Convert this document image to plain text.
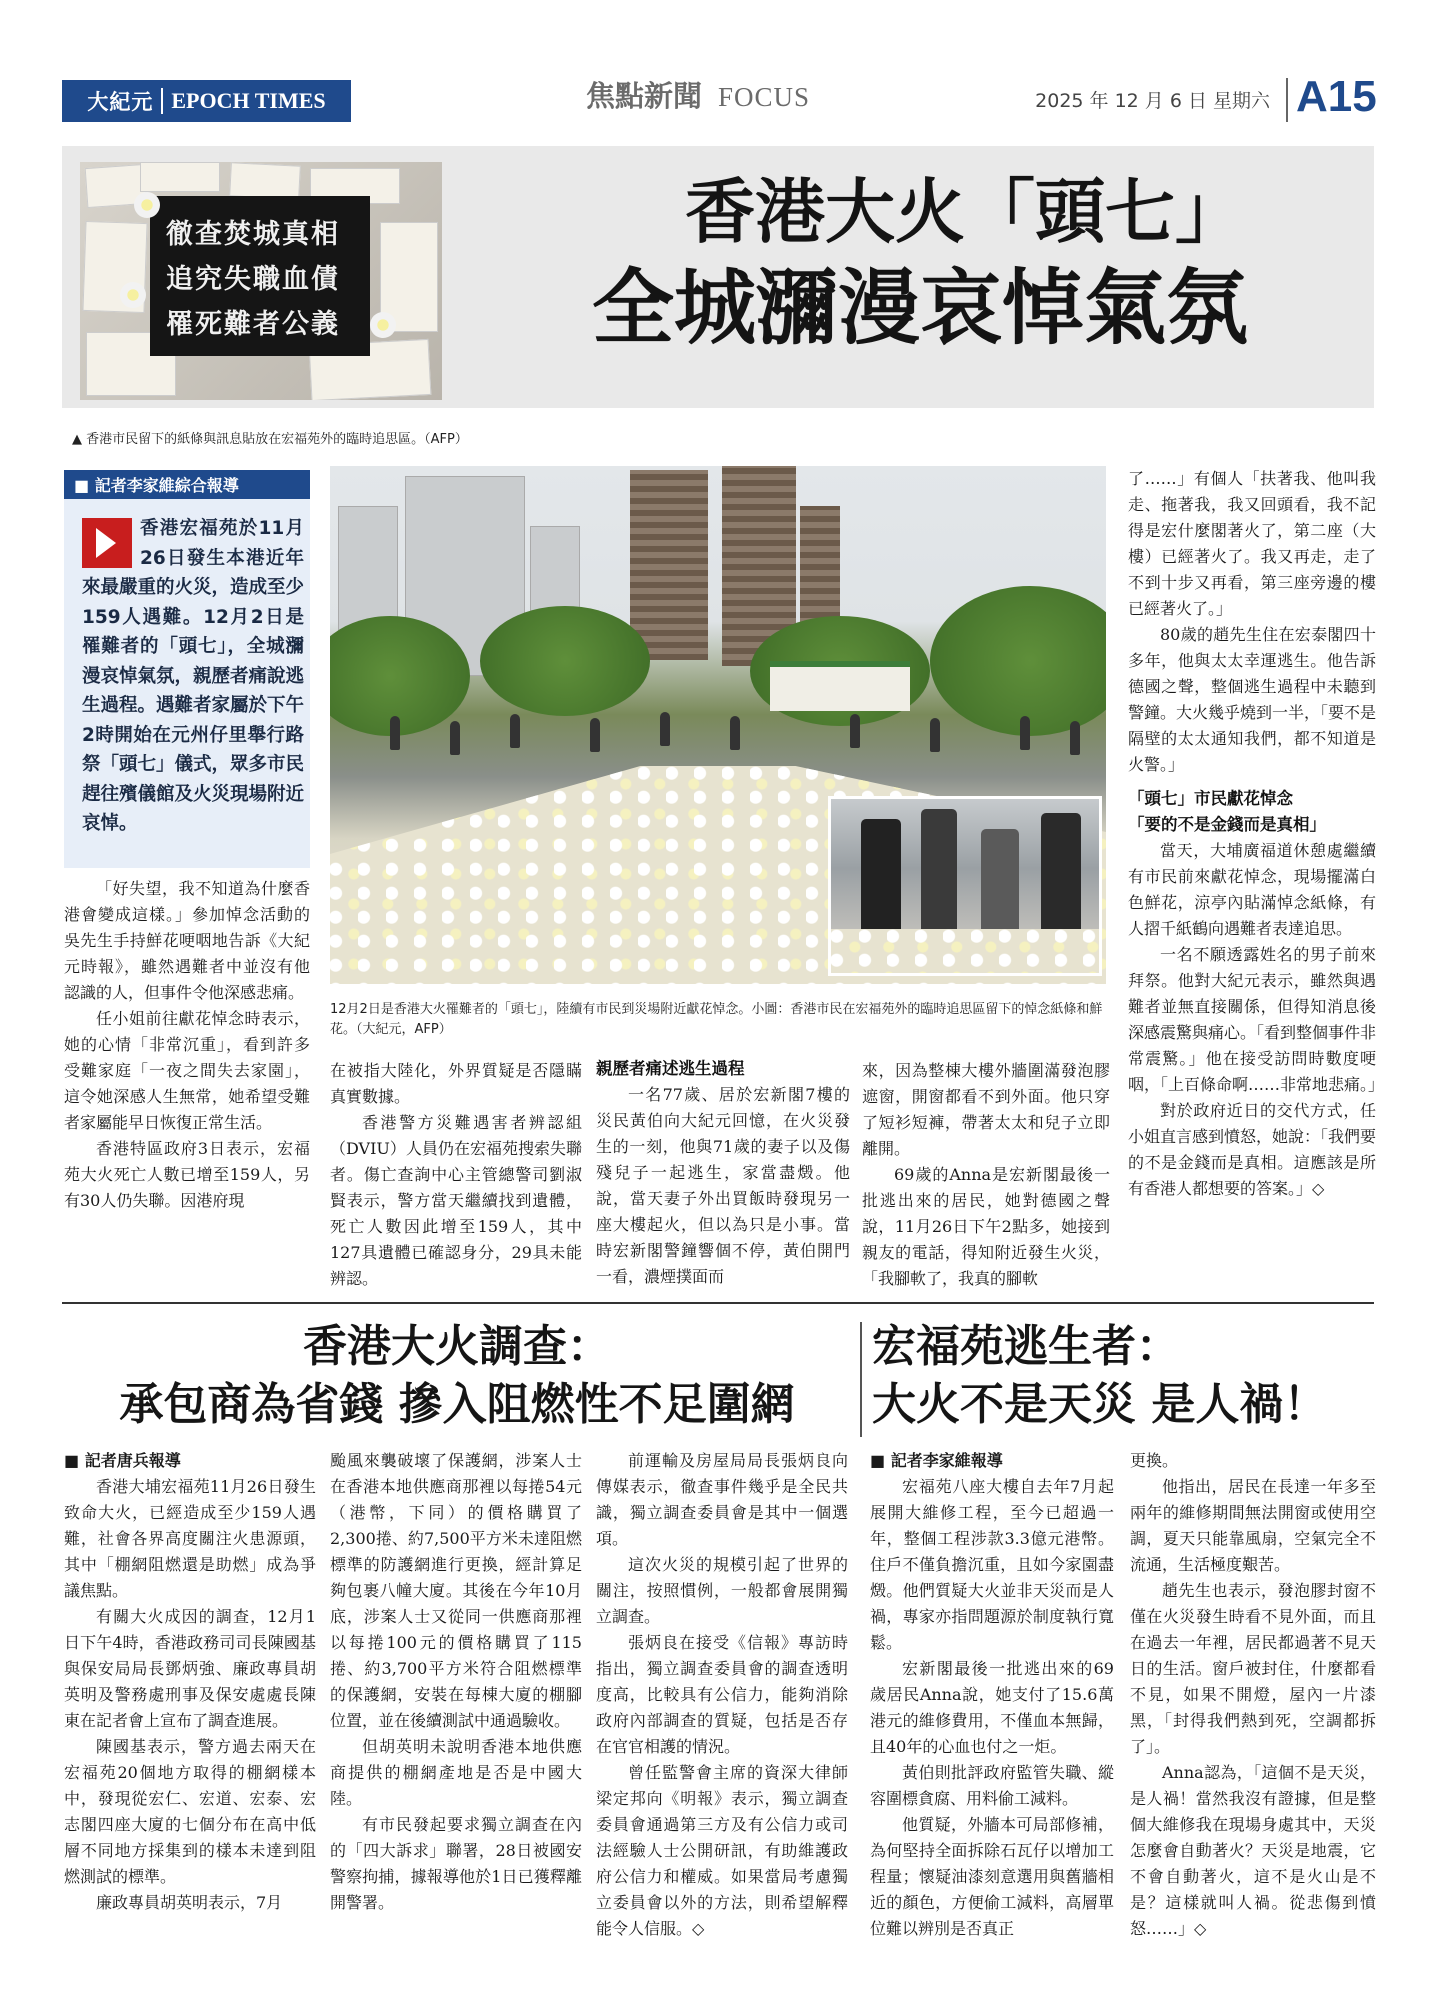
大紀元 EPOCH TIMES	焦點新聞 FOCUS	2025 年 12 月 6 日 星期六 A15
徹查焚城真相
追究失職血債
罹死難者公義
香港大火「頭七」
全城瀰漫哀悼氣氛
▲ 香港市民留下的紙條與訊息貼放在宏福苑外的臨時追思區。（AFP）
■ 記者李家維綜合報導
香港宏福苑於11月26日發生本港近年來最嚴重的火災，造成至少159人遇難。12月2日是罹難者的「頭七」，全城瀰漫哀悼氣氛，親歷者痛說逃生過程。遇難者家屬於下午2時開始在元州仔里舉行路祭「頭七」儀式，眾多市民趕往殯儀館及火災現場附近哀悼。
12月2日是香港大火罹難者的「頭七」，陸續有市民到災場附近獻花悼念。小圖：香港市民在宏福苑外的臨時追思區留下的悼念紙條和鮮花。（大紀元，AFP）

「好失望，我不知道為什麼香港會變成這樣。」參加悼念活動的吳先生手持鮮花哽咽地告訴《大紀元時報》，雖然遇難者中並沒有他認識的人，但事件令他深感悲痛。

任小姐前往獻花悼念時表示，她的心情「非常沉重」，看到許多受難家庭「一夜之間失去家園」，這令她深感人生無常，她希望受難者家屬能早日恢復正常生活。

香港特區政府3日表示，宏福苑大火死亡人數已增至159人，另有30人仍失聯。因港府現

在被指大陸化，外界質疑是否隱瞞真實數據。

香港警方災難遇害者辨認組（DVIU）人員仍在宏福苑搜索失聯者。傷亡查詢中心主管總警司劉淑賢表示，警方當天繼續找到遺體，死亡人數因此增至159人，其中127具遺體已確認身分，29具未能辨認。

親歷者痛述逃生過程

一名77歲、居於宏新閣7樓的災民黃伯向大紀元回憶，在火災發生的一刻，他與71歲的妻子以及傷殘兒子一起逃生，家當盡燬。他說，當天妻子外出買飯時發現另一座大樓起火，但以為只是小事。當時宏新閣警鐘響個不停，黃伯開門一看，濃煙撲面而

來，因為整棟大樓外牆圍滿發泡膠遮窗，開窗都看不到外面。他只穿了短衫短褲，帶著太太和兒子立即離開。

69歲的Anna是宏新閣最後一批逃出來的居民，她對德國之聲說，11月26日下午2點多，她接到親友的電話，得知附近發生火災，「我腳軟了，我真的腳軟

了……」有個人「扶著我、他叫我走、拖著我，我又回頭看，我不記得是宏什麼閣著火了，第二座（大樓）已經著火了。我又再走，走了不到十步又再看，第三座旁邊的樓已經著火了。」

80歲的趙先生住在宏泰閣四十多年，他與太太幸運逃生。他告訴德國之聲，整個逃生過程中未聽到警鐘。大火幾乎燒到一半，「要不是隔壁的太太通知我們，都不知道是火警。」

「頭七」市民獻花悼念
「要的不是金錢而是真相」

當天，大埔廣福道休憩處繼續有市民前來獻花悼念，現場擺滿白色鮮花，涼亭內貼滿悼念紙條，有人摺千紙鶴向遇難者表達追思。

一名不願透露姓名的男子前來拜祭。他對大紀元表示，雖然與遇難者並無直接關係，但得知消息後深感震驚與痛心。「看到整個事件非常震驚。」他在接受訪問時數度哽咽，「上百條命啊……非常地悲痛。」

對於政府近日的交代方式，任小姐直言感到憤怒，她說：「我們要的不是金錢而是真相。這應該是所有香港人都想要的答案。」◇

香港大火調查：
承包商為省錢 摻入阻燃性不足圍網
宏福苑逃生者：
大火不是天災 是人禍！
■ 記者唐兵報導

香港大埔宏福苑11月26日發生致命大火，已經造成至少159人遇難，社會各界高度關注火患源頭，其中「棚網阻燃還是助燃」成為爭議焦點。

有關大火成因的調查，12月1日下午4時，香港政務司司長陳國基與保安局局長鄧炳強、廉政專員胡英明及警務處刑事及保安處處長陳東在記者會上宣布了調查進展。

陳國基表示，警方過去兩天在宏福苑20個地方取得的棚網樣本中，發現從宏仁、宏道、宏泰、宏志閣四座大廈的七個分布在高中低層不同地方採集到的樣本未達到阻燃測試的標準。

廉政專員胡英明表示，7月

颱風來襲破壞了保護網，涉案人士在香港本地供應商那裡以每捲54元（港幣，下同）的價格購買了2,300捲、約7,500平方米未達阻燃標準的防護網進行更換，經計算足夠包裹八幢大廈。其後在今年10月底，涉案人士又從同一供應商那裡以每捲100元的價格購買了115捲、約3,700平方米符合阻燃標準的保護網，安裝在每棟大廈的棚腳位置，並在後續測試中通過驗收。

但胡英明未說明香港本地供應商提供的棚網產地是否是中國大陸。

有市民發起要求獨立調查在內的「四大訴求」聯署，28日被國安警察拘捕，據報導他於1日已獲釋離開警署。

前運輸及房屋局局長張炳良向傳媒表示，徹查事件幾乎是全民共識，獨立調查委員會是其中一個選項。

這次火災的規模引起了世界的關注，按照慣例，一般都會展開獨立調查。

張炳良在接受《信報》專訪時指出，獨立調查委員會的調查透明度高，比較具有公信力，能夠消除政府內部調查的質疑，包括是否存在官官相護的情況。

曾任監警會主席的資深大律師梁定邦向《明報》表示，獨立調查委員會通過第三方及有公信力或司法經驗人士公開研訊，有助維護政府公信力和權威。如果當局考慮獨立委員會以外的方法，則希望解釋能令人信服。◇

■ 記者李家維報導

宏福苑八座大樓自去年7月起展開大維修工程，至今已超過一年，整個工程涉款3.3億元港幣。住戶不僅負擔沉重，且如今家園盡燬。他們質疑大火並非天災而是人禍，專家亦指問題源於制度執行寬鬆。

宏新閣最後一批逃出來的69歲居民Anna說，她支付了15.6萬港元的維修費用，不僅血本無歸，且40年的心血也付之一炬。

黃伯則批評政府監管失職、縱容圍標貪腐、用料偷工減料。

他質疑，外牆本可局部修補，為何堅持全面拆除石瓦仔以增加工程量；懷疑油漆刻意選用與舊牆相近的顏色，方便偷工減料，高層單位難以辨別是否真正

更換。

他指出，居民在長達一年多至兩年的維修期間無法開窗或使用空調，夏天只能靠風扇，空氣完全不流通，生活極度艱苦。

趙先生也表示，發泡膠封窗不僅在火災發生時看不見外面，而且在過去一年裡，居民都過著不見天日的生活。窗戶被封住，什麼都看不見，如果不開燈，屋內一片漆黑，「封得我們熱到死，空調都拆了」。

Anna認為，「這個不是天災，是人禍！當然我沒有證據，但是整個大維修我在現場身處其中，天災怎麼會自動著火？天災是地震，它不會自動著火，這不是火山是不是？這樣就叫人禍。從悲傷到憤怒……」◇
